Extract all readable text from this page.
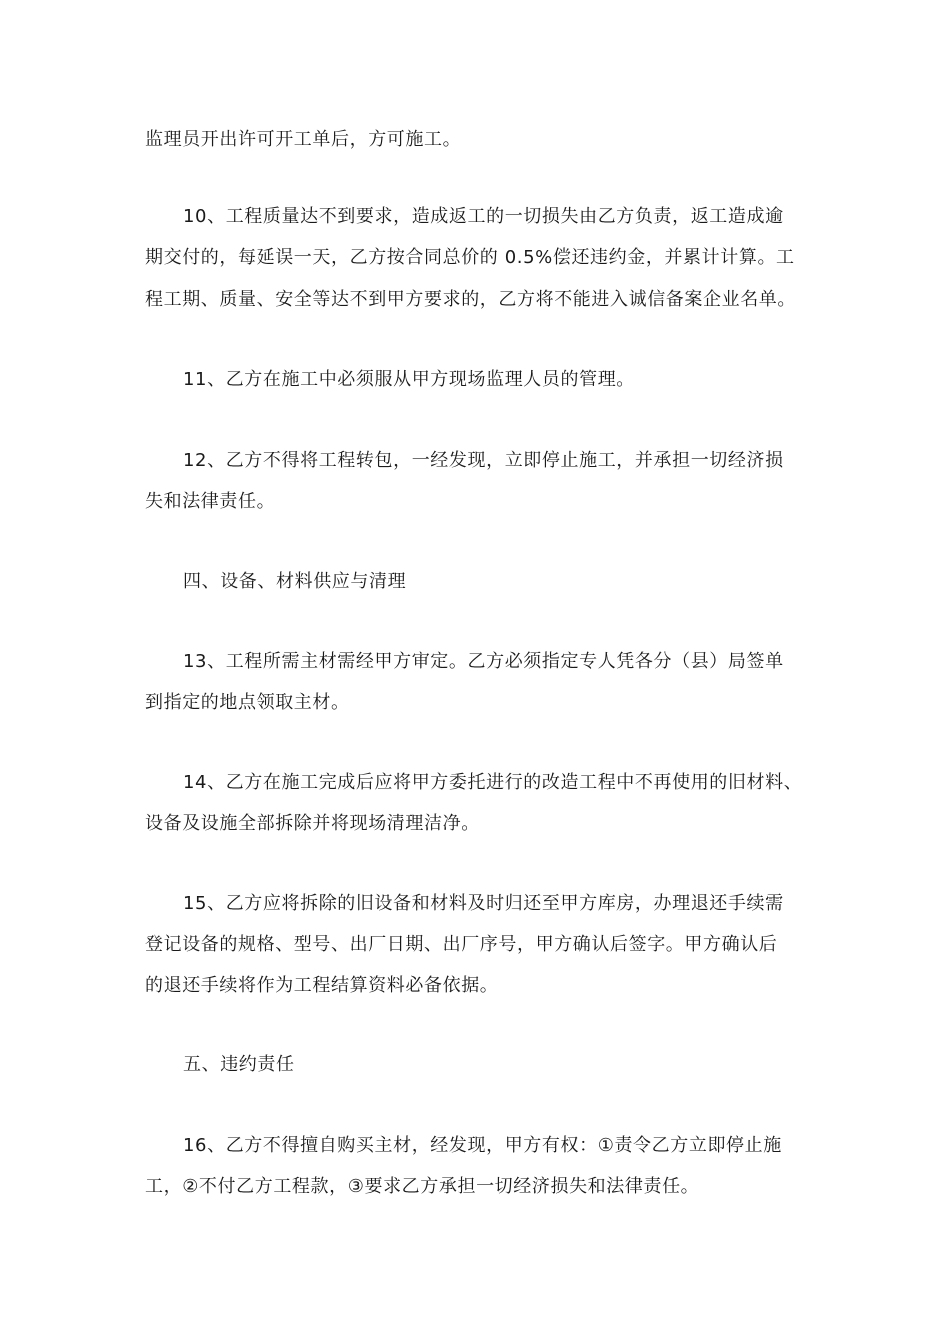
监理员开出许可开工单后，方可施工。
10、工程质量达不到要求，造成返工的一切损失由乙方负责，返工造成逾
期交付的，每延误一天，乙方按合同总价的 0.5%偿还违约金，并累计计算。工
程工期、质量、安全等达不到甲方要求的，乙方将不能进入诚信备案企业名单。
11、乙方在施工中必须服从甲方现场监理人员的管理。
12、乙方不得将工程转包，一经发现，立即停止施工，并承担一切经济损
失和法律责任。
四、设备、材料供应与清理
13、工程所需主材需经甲方审定。乙方必须指定专人凭各分（县）局签单
到指定的地点领取主材。
14、乙方在施工完成后应将甲方委托进行的改造工程中不再使用的旧材料、
设备及设施全部拆除并将现场清理洁净。
15、乙方应将拆除的旧设备和材料及时归还至甲方库房，办理退还手续需
登记设备的规格、型号、出厂日期、出厂序号，甲方确认后签字。甲方确认后
的退还手续将作为工程结算资料必备依据。
五、违约责任
16、乙方不得擅自购买主材，经发现，甲方有权：①责令乙方立即停止施
工，②不付乙方工程款，③要求乙方承担一切经济损失和法律责任。
